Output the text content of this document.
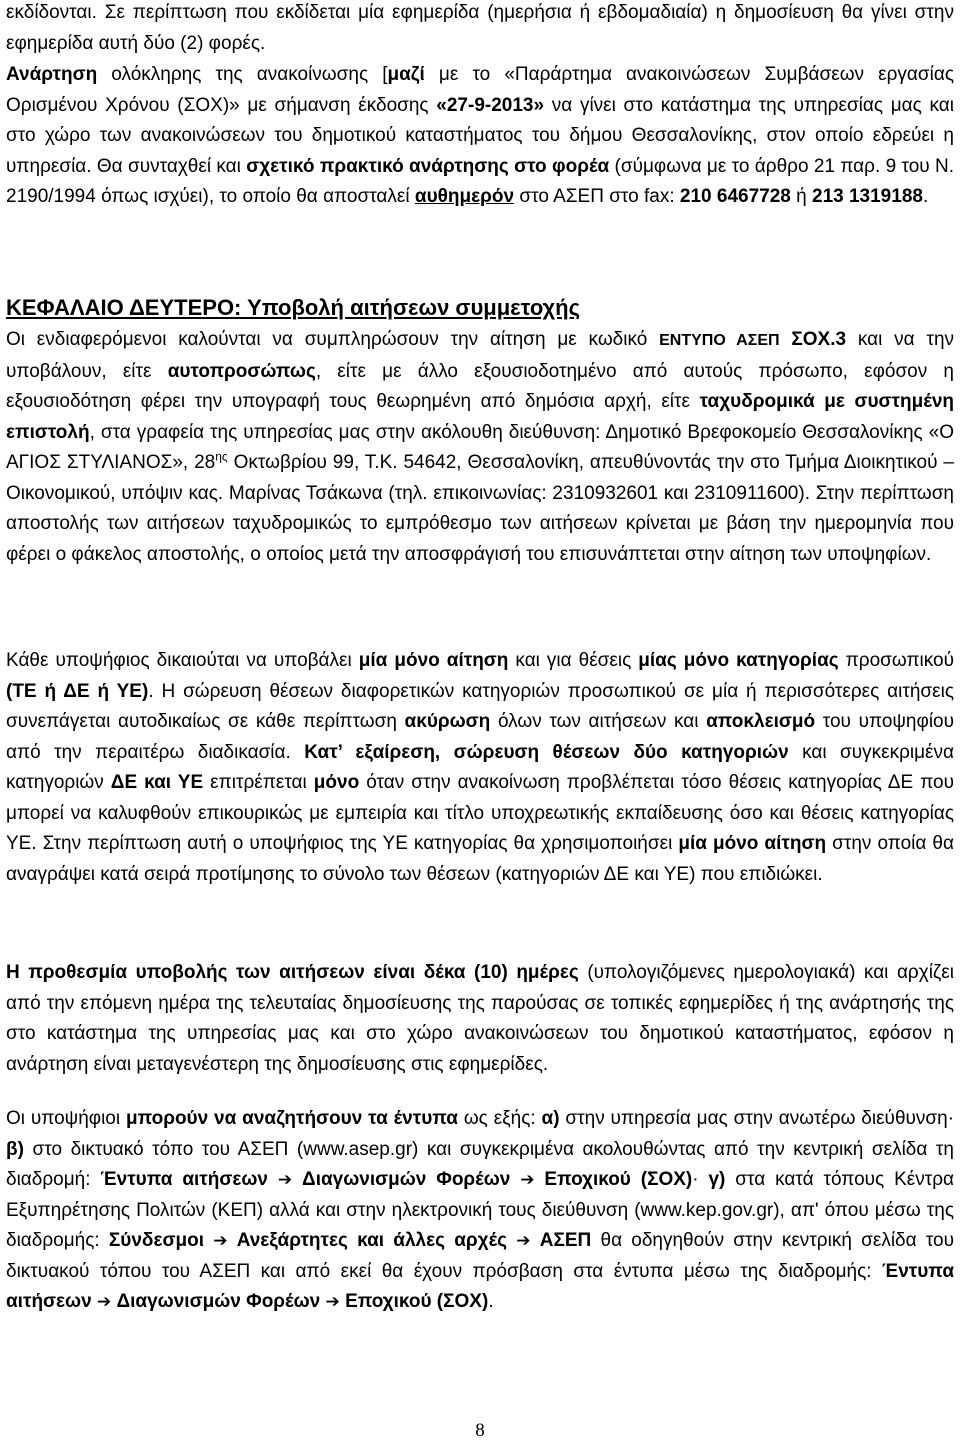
εκδίδονται. Σε περίπτωση που εκδίδεται μία εφημερίδα (ημερήσια ή εβδομαδιαία) η δημοσίευση θα γίνει στην εφημερίδα αυτή δύο (2) φορές.

Ανάρτηση ολόκληρης της ανακοίνωσης [μαζί με το «Παράρτημα ανακοινώσεων Συμβάσεων εργασίας Ορισμένου Χρόνου (ΣΟΧ)» με σήμανση έκδοσης «27-9-2013» να γίνει στο κατάστημα της υπηρεσίας μας και στο χώρο των ανακοινώσεων του δημοτικού καταστήματος του δήμου Θεσσαλονίκης, στον οποίο εδρεύει η υπηρεσία. Θα συνταχθεί και σχετικό πρακτικό ανάρτησης στο φορέα (σύμφωνα με το άρθρο 21 παρ. 9 του Ν. 2190/1994 όπως ισχύει), το οποίο θα αποσταλεί αυθημερόν στο ΑΣΕΠ στο fax: 210 6467728 ή 213 1319188.

ΚΕΦΑΛΑΙΟ ΔΕΥΤΕΡΟ: Υποβολή αιτήσεων συμμετοχής

Οι ενδιαφερόμενοι καλούνται να συμπληρώσουν την αίτηση με κωδικό ΕΝΤΥΠΟ ΑΣΕΠ ΣΟΧ.3 και να την υποβάλουν, είτε αυτοπροσώπως, είτε με άλλο εξουσιοδοτημένο από αυτούς πρόσωπο, εφόσον η εξουσιοδότηση φέρει την υπογραφή τους θεωρημένη από δημόσια αρχή, είτε ταχυδρομικά με συστημένη επιστολή, στα γραφεία της υπηρεσίας μας στην ακόλουθη διεύθυνση: Δημοτικό Βρεφοκομείο Θεσσαλονίκης «Ο ΑΓΙΟΣ ΣΤΥΛΙΑΝΟΣ», $28^{\eta\varsigma}$ Οκτωβρίου 99, Τ.Κ. 54642, Θεσσαλονίκη, απευθύνοντάς την στο Τμήμα Διοικητικού – Οικονομικού, υπόψιν κας. Μαρίνας Τσάκωνα (τηλ. επικοινωνίας: 2310932601 και 2310911600). Στην περίπτωση αποστολής των αιτήσεων ταχυδρομικώς το εμπρόθεσμο των αιτήσεων κρίνεται με βάση την ημερομηνία που φέρει ο φάκελος αποστολής, ο οποίος μετά την αποσφράγισή του επισυνάπτεται στην αίτηση των υποψηφίων.

Κάθε υποψήφιος δικαιούται να υποβάλει μία μόνο αίτηση και για θέσεις μίας μόνο κατηγορίας προσωπικού (ΤΕ ή ΔΕ ή ΥΕ). Η σώρευση θέσεων διαφορετικών κατηγοριών προσωπικού σε μία ή περισσότερες αιτήσεις συνεπάγεται αυτοδικαίως σε κάθε περίπτωση ακύρωση όλων των αιτήσεων και αποκλεισμό του υποψηφίου από την περαιτέρω διαδικασία. Κατ’ εξαίρεση, σώρευση θέσεων δύο κατηγοριών και συγκεκριμένα κατηγοριών ΔΕ και ΥΕ επιτρέπεται μόνο όταν στην ανακοίνωση προβλέπεται τόσο θέσεις κατηγορίας ΔΕ που μπορεί να καλυφθούν επικουρικώς με εμπειρία και τίτλο υποχρεωτικής εκπαίδευσης όσο και θέσεις κατηγορίας ΥΕ. Στην περίπτωση αυτή ο υποψήφιος της ΥΕ κατηγορίας θα χρησιμοποιήσει μία μόνο αίτηση στην οποία θα αναγράψει κατά σειρά προτίμησης το σύνολο των θέσεων (κατηγοριών ΔΕ και ΥΕ) που επιδιώκει.

Η προθεσμία υποβολής των αιτήσεων είναι δέκα (10) ημέρες (υπολογιζόμενες ημερολογιακά) και αρχίζει από την επόμενη ημέρα της τελευταίας δημοσίευσης της παρούσας σε τοπικές εφημερίδες ή της ανάρτησής της στο κατάστημα της υπηρεσίας μας και στο χώρο ανακοινώσεων του δημοτικού καταστήματος, εφόσον η ανάρτηση είναι μεταγενέστερη της δημοσίευσης στις εφημερίδες.

Οι υποψήφιοι μπορούν να αναζητήσουν τα έντυπα ως εξής: α) στην υπηρεσία μας στην ανωτέρω διεύθυνση· β) στο δικτυακό τόπο του ΑΣΕΠ (www.asep.gr) και συγκεκριμένα ακολουθώντας από την κεντρική σελίδα τη διαδρομή: Έντυπα αιτήσεων ➔ Διαγωνισμών Φορέων ➔ Εποχικού (ΣΟΧ)· γ) στα κατά τόπους Κέντρα Εξυπηρέτησης Πολιτών (ΚΕΠ) αλλά και στην ηλεκτρονική τους διεύθυνση (www.kep.gov.gr), απ' όπου μέσω της διαδρομής: Σύνδεσμοι ➔ Ανεξάρτητες και άλλες αρχές ➔ ΑΣΕΠ θα οδηγηθούν στην κεντρική σελίδα του δικτυακού τόπου του ΑΣΕΠ και από εκεί θα έχουν πρόσβαση στα έντυπα μέσω της διαδρομής: Έντυπα αιτήσεων ➔ Διαγωνισμών Φορέων ➔ Εποχικού (ΣΟΧ).

8
